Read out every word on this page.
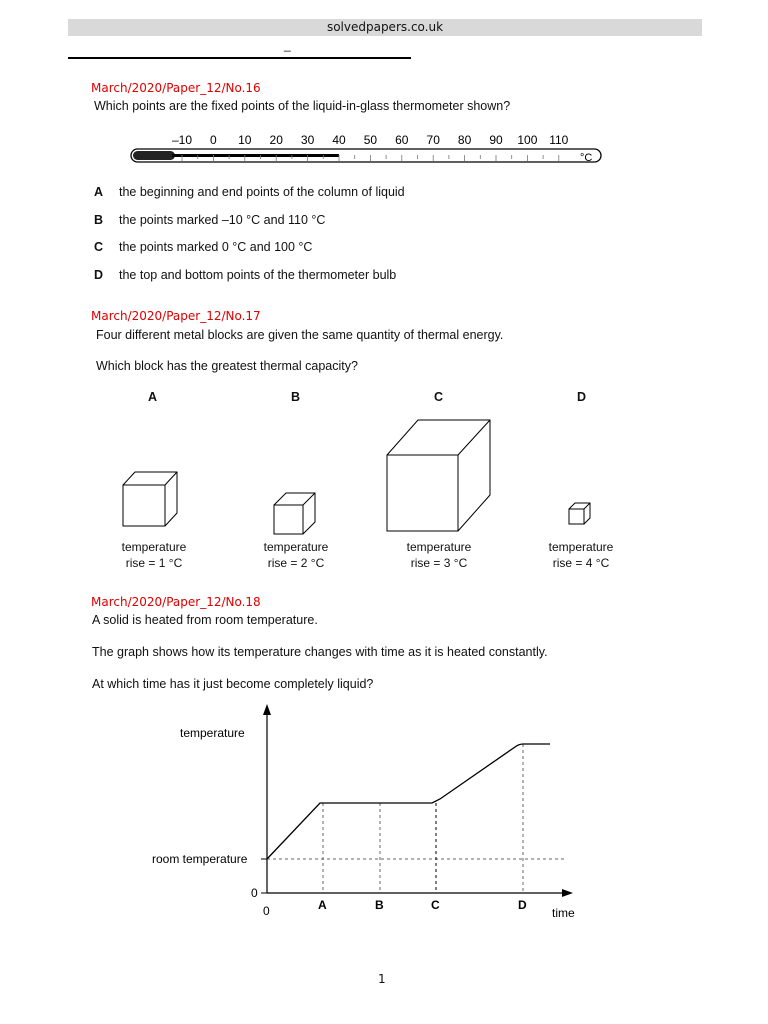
solvedpapers.co.uk
_
March/2020/Paper_12/No.16
Which points are the fixed points of the liquid-in-glass thermometer shown?
–10 0 10 20 30 40 50 60 70 80 90 100 110
°C
A the beginning and end points of the column of liquid
B the points marked –10 °C and 110 °C
C the points marked 0 °C and 100 °C
D the top and bottom points of the thermometer bulb
March/2020/Paper_12/No.17
Four different metal blocks are given the same quantity of thermal energy.
Which block has the greatest thermal capacity?
A	B	C	D
temperature
rise = 1 °C
temperature
rise = 2 °C
temperature
rise = 3 °C
temperature
rise = 4 °C
March/2020/Paper_12/No.18
A solid is heated from room temperature.
The graph shows how its temperature changes with time as it is heated constantly.
At which time has it just become completely liquid?
temperature
room temperature
0
0	A	B	C	D
time
1
